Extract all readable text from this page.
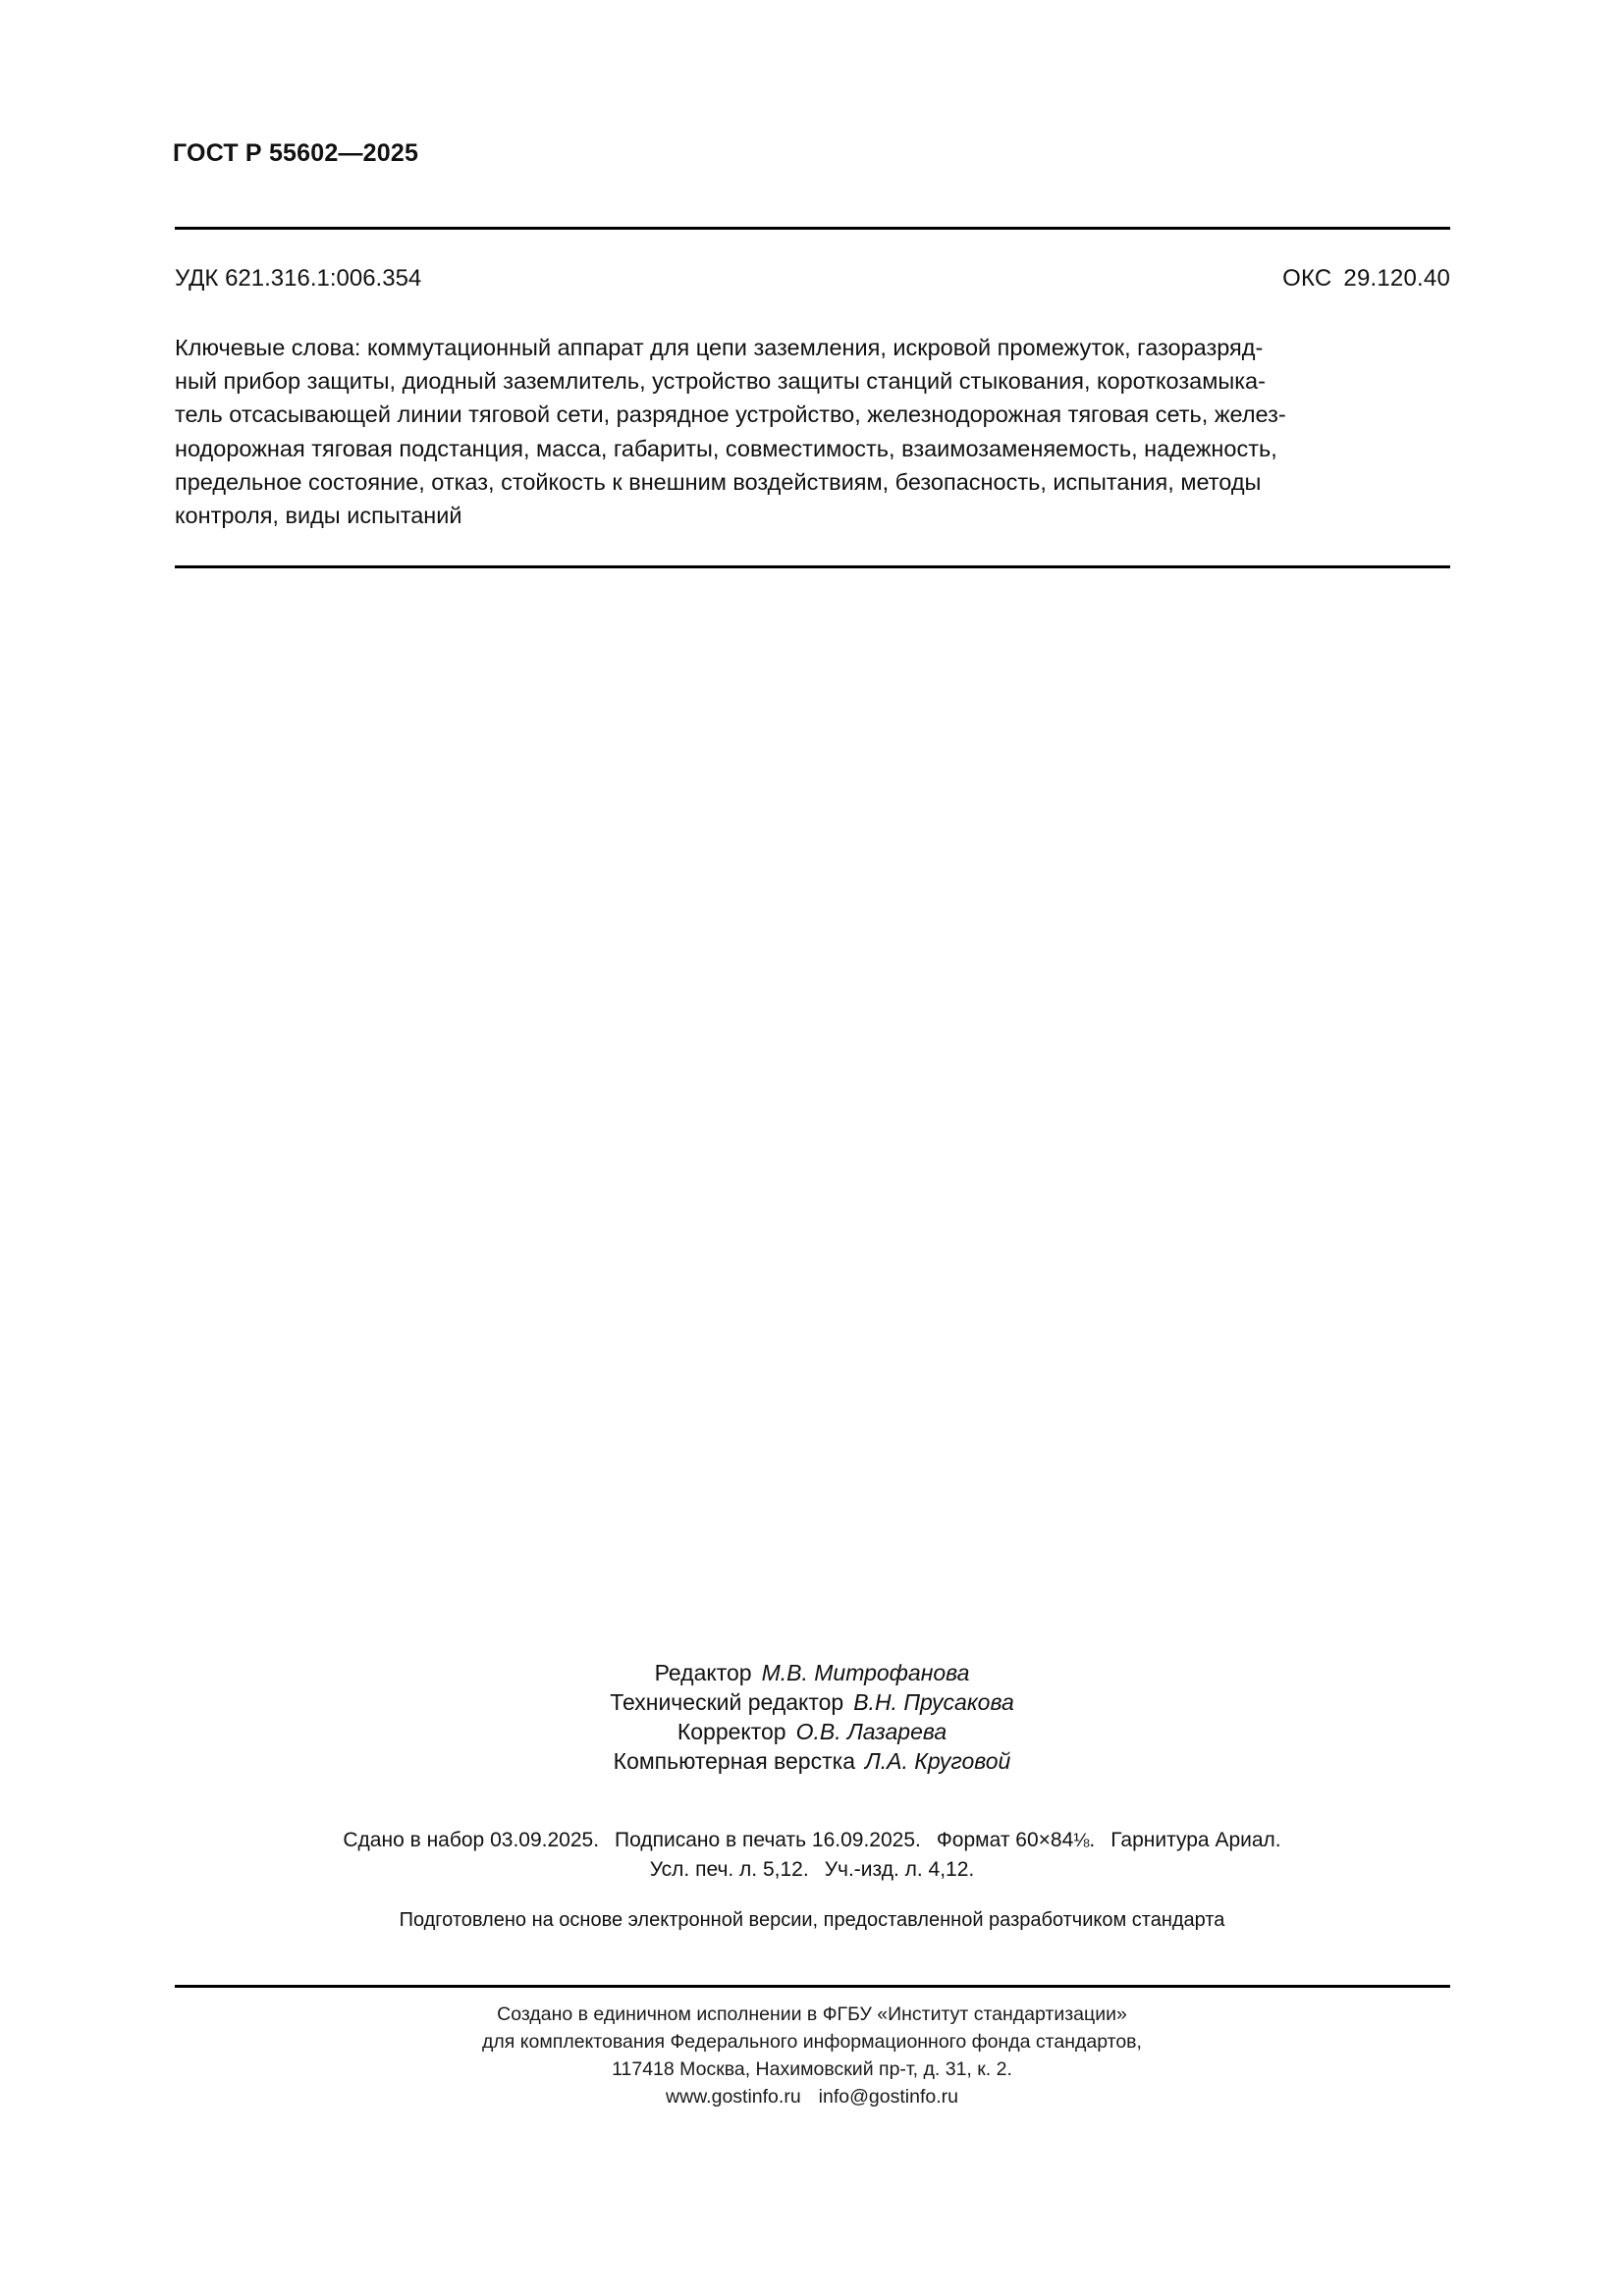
ГОСТ Р 55602—2025
УДК 621.316.1:006.354	ОКС 29.120.40
Ключевые слова: коммутационный аппарат для цепи заземления, искровой промежуток, газоразряд-
ный прибор защиты, диодный заземлитель, устройство защиты станций стыкования, короткозамыка-
тель отсасывающей линии тяговой сети, разрядное устройство, железнодорожная тяговая сеть, желез-
нодорожная тяговая подстанция, масса, габариты, совместимость, взаимозаменяемость, надежность,
предельное состояние, отказ, стойкость к внешним воздействиям, безопасность, испытания, методы
контроля, виды испытаний
Редактор М.В. Митрофанова
Технический редактор В.Н. Прусакова
Корректор О.В. Лазарева
Компьютерная верстка Л.А. Круговой
Сдано в набор 03.09.2025. Подписано в печать 16.09.2025. Формат 60×84⅛. Гарнитура Ариал.
Усл. печ. л. 5,12. Уч.-изд. л. 4,12.
Подготовлено на основе электронной версии, предоставленной разработчиком стандарта
Создано в единичном исполнении в ФГБУ «Институт стандартизации»
для комплектования Федерального информационного фонда стандартов,
117418 Москва, Нахимовский пр-т, д. 31, к. 2.
www.gostinfo.ru info@gostinfo.ru
